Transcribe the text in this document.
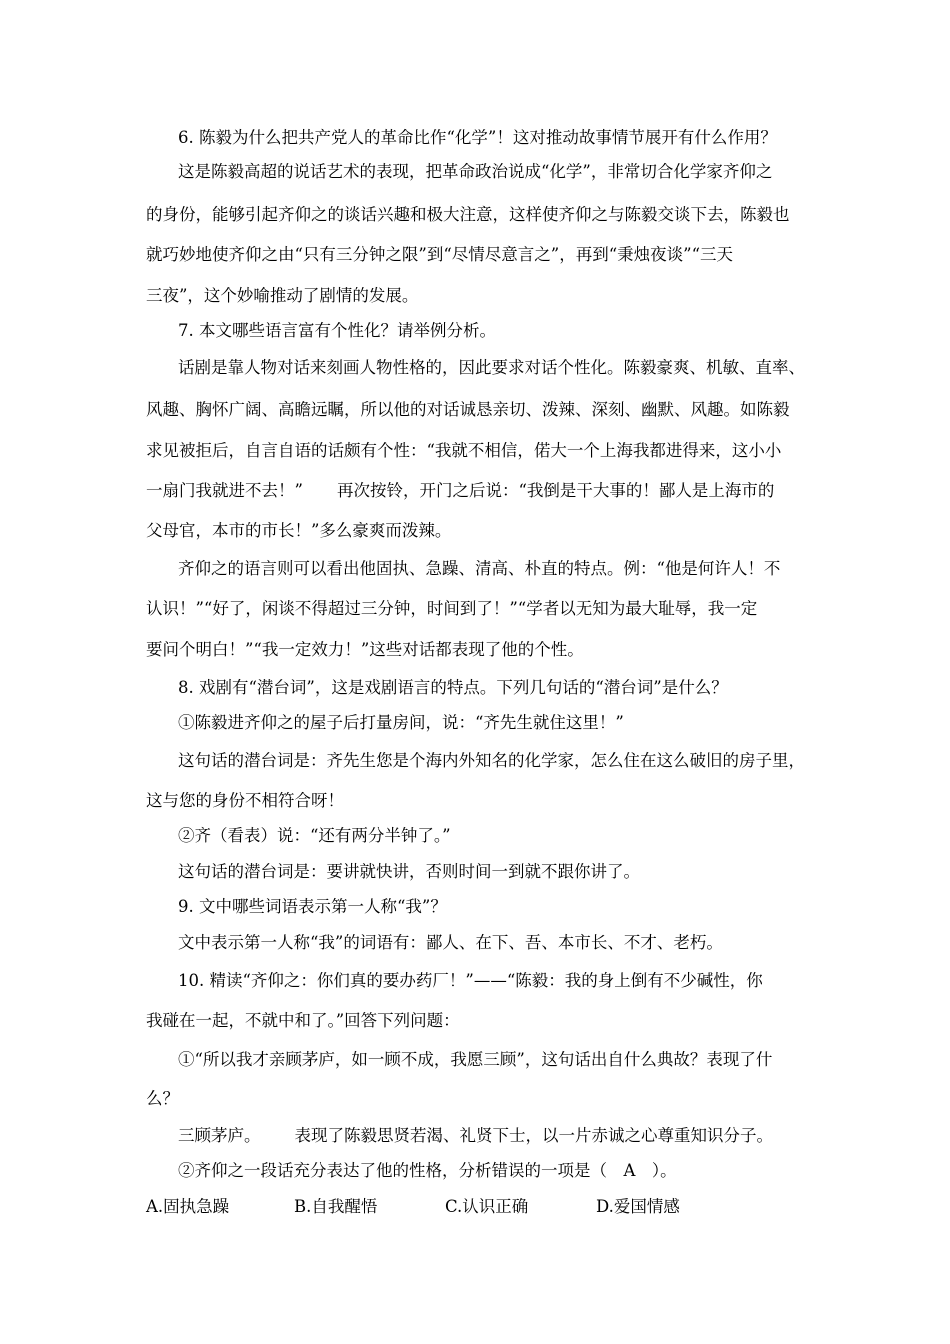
6. 陈毅为什么把共产党人的革命比作“化学”！这对推动故事情节展开有什么作用？
这是陈毅高超的说话艺术的表现，把革命政治说成“化学”，非常切合化学家齐仰之
的身份，能够引起齐仰之的谈话兴趣和极大注意，这样使齐仰之与陈毅交谈下去，陈毅也
就巧妙地使齐仰之由“只有三分钟之限”到“尽情尽意言之”，再到“秉烛夜谈”“三天
三夜”，这个妙喻推动了剧情的发展。
7. 本文哪些语言富有个性化？请举例分析。
话剧是靠人物对话来刻画人物性格的，因此要求对话个性化。陈毅豪爽、机敏、直率、
风趣、胸怀广阔、高瞻远瞩，所以他的对话诚恳亲切、泼辣、深刻、幽默、风趣。如陈毅
求见被拒后，自言自语的话颇有个性：“我就不相信，偌大一个上海我都进得来，这小小
一扇门我就进不去！” 再次按铃，开门之后说：“我倒是干大事的！鄙人是上海市的
父母官，本市的市长！”多么豪爽而泼辣。
齐仰之的语言则可以看出他固执、急躁、清高、朴直的特点。例：“他是何许人！不
认识！”“好了，闲谈不得超过三分钟，时间到了！”“学者以无知为最大耻辱，我一定
要问个明白！”“我一定效力！”这些对话都表现了他的个性。
8. 戏剧有“潜台词”，这是戏剧语言的特点。下列几句话的“潜台词”是什么？
①陈毅进齐仰之的屋子后打量房间，说：“齐先生就住这里！”
这句话的潜台词是：齐先生您是个海内外知名的化学家，怎么住在这么破旧的房子里，
这与您的身份不相符合呀！
②齐（看表）说：“还有两分半钟了。”
这句话的潜台词是：要讲就快讲，否则时间一到就不跟你讲了。
9. 文中哪些词语表示第一人称“我”？
文中表示第一人称“我”的词语有：鄙人、在下、吾、本市长、不才、老朽。
10. 精读“齐仰之：你们真的要办药厂！”——“陈毅：我的身上倒有不少碱性，你
我碰在一起，不就中和了。”回答下列问题：
①“所以我才亲顾茅庐，如一顾不成，我愿三顾”，这句话出自什么典故？表现了什
么？
三顾茅庐。 表现了陈毅思贤若渴、礼贤下士，以一片赤诚之心尊重知识分子。
②齐仰之一段话充分表达了他的性格，分析错误的一项是（　A　）。
A.固执急躁	B.自我醒悟	C.认识正确	D.爱国情感
